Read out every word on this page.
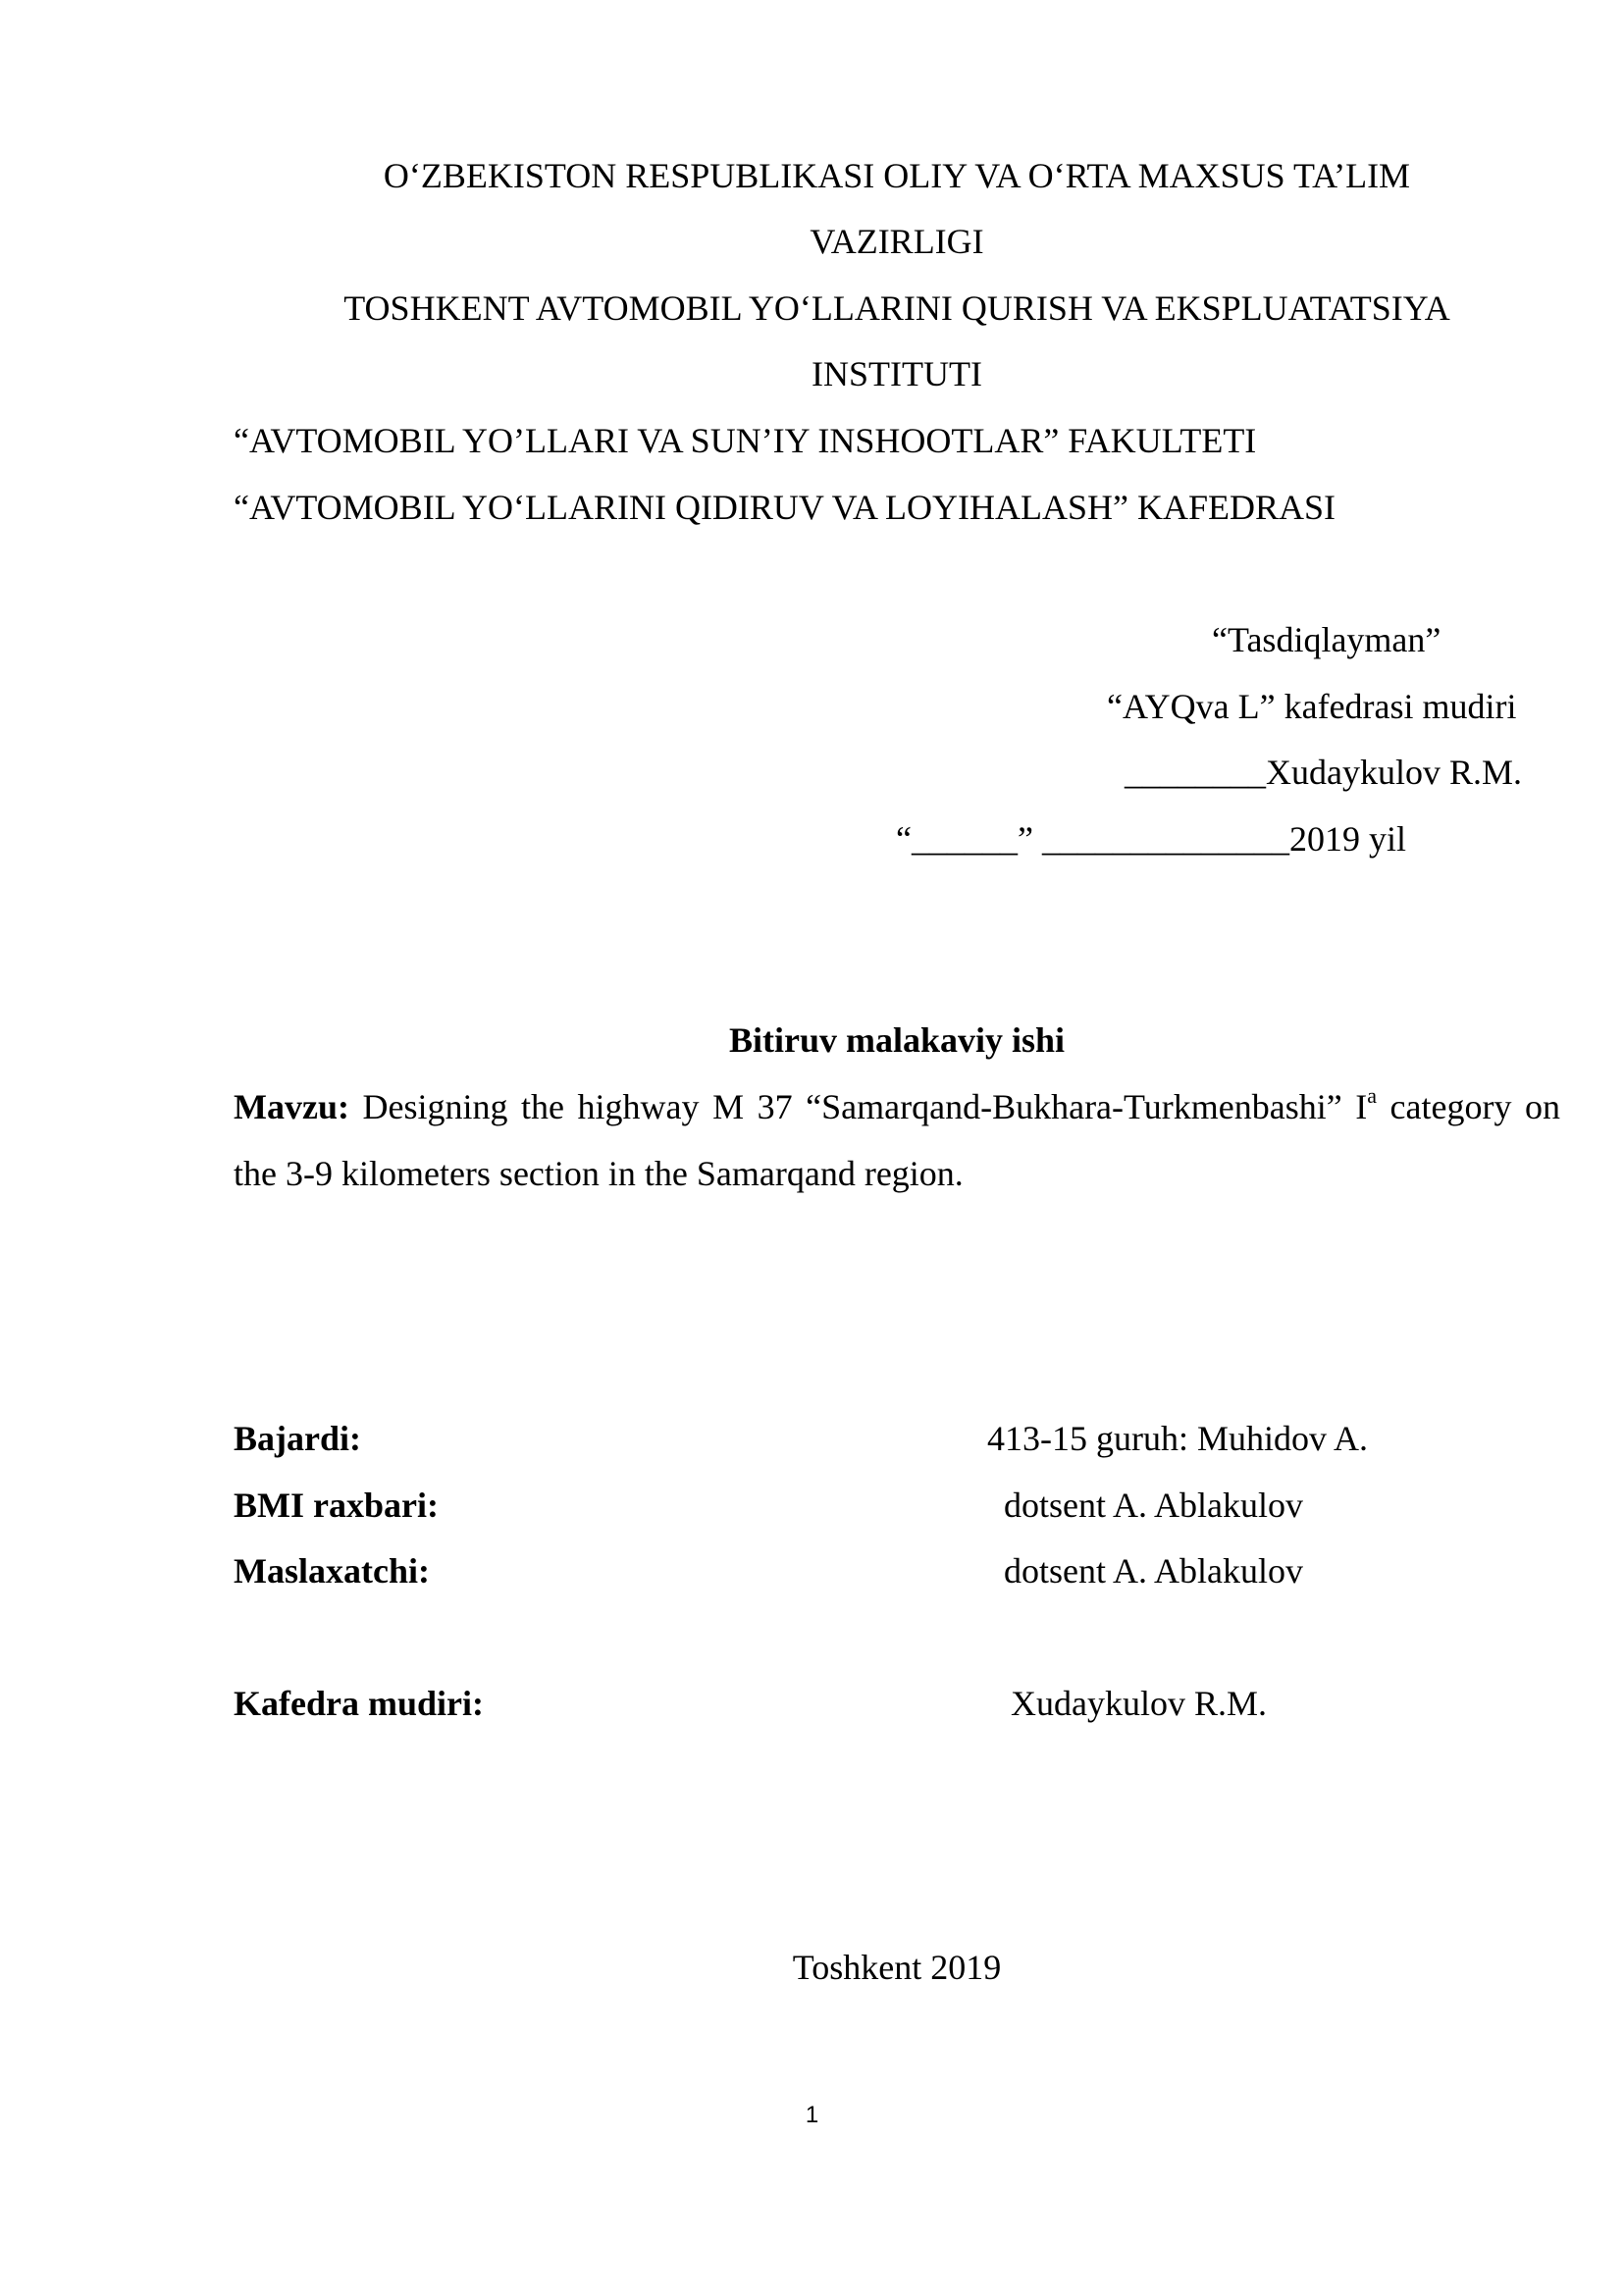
O‘ZBEKISTON RESPUBLIKASI OLIY VA O‘RTA MAXSUS TA’LIM
VAZIRLIGI
TOSHKENT AVTOMOBIL YO‘LLARINI QURISH VA EKSPLUATATSIYA
INSTITUTI
“AVTOMOBIL YO’LLARI VA SUN’IY INSHOOTLAR” FAKULTETI
“AVTOMOBIL YO‘LLARINI QIDIRUV VA LOYIHALASH” KAFEDRASI
“Tasdiqlayman”
“AYQva L” kafedrasi mudiri
________Xudaykulov R.M.
“______” ______________2019 yil
Bitiruv malakaviy ishi
Mavzu: Designing the highway M 37 “Samarqand-Bukhara-Turkmenbashi” $I^a$ category on the 3-9 kilometers section in the Samarqand region.
Bajardi:	413-15 guruh: Muhidov A.
BMI raxbari:	dotsent A. Ablakulov
Maslaxatchi:	dotsent A. Ablakulov
Kafedra mudiri:	Xudaykulov R.M.
Toshkent 2019
1
